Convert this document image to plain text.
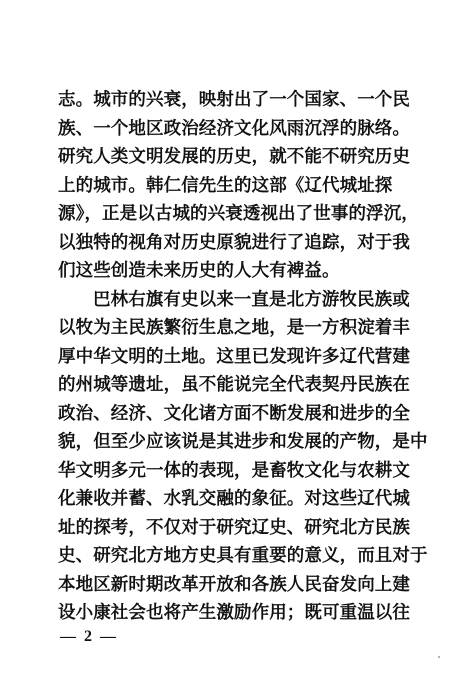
志。城市的兴衰，映射出了一个国家、一个民
族、一个地区政治经济文化风雨沉浮的脉络。
研究人类文明发展的历史，就不能不研究历史
上的城市。韩仁信先生的这部《辽代城址探
源》，正是以古城的兴衰透视出了世事的浮沉，
以独特的视角对历史原貌进行了追踪，对于我
们这些创造未来历史的人大有裨益。
巴林右旗有史以来一直是北方游牧民族或
以牧为主民族繁衍生息之地，是一方积淀着丰
厚中华文明的土地。这里已发现许多辽代营建
的州城等遗址，虽不能说完全代表契丹民族在
政治、经济、文化诸方面不断发展和进步的全
貌，但至少应该说是其进步和发展的产物，是中
华文明多元一体的表现，是畜牧文化与农耕文
化兼收并蓄、水乳交融的象征。对这些辽代城
址的探考，不仅对于研究辽史、研究北方民族
史、研究北方地方史具有重要的意义，而且对于
本地区新时期改革开放和各族人民奋发向上建
设小康社会也将产生激励作用；既可重温以往
— 2 —
